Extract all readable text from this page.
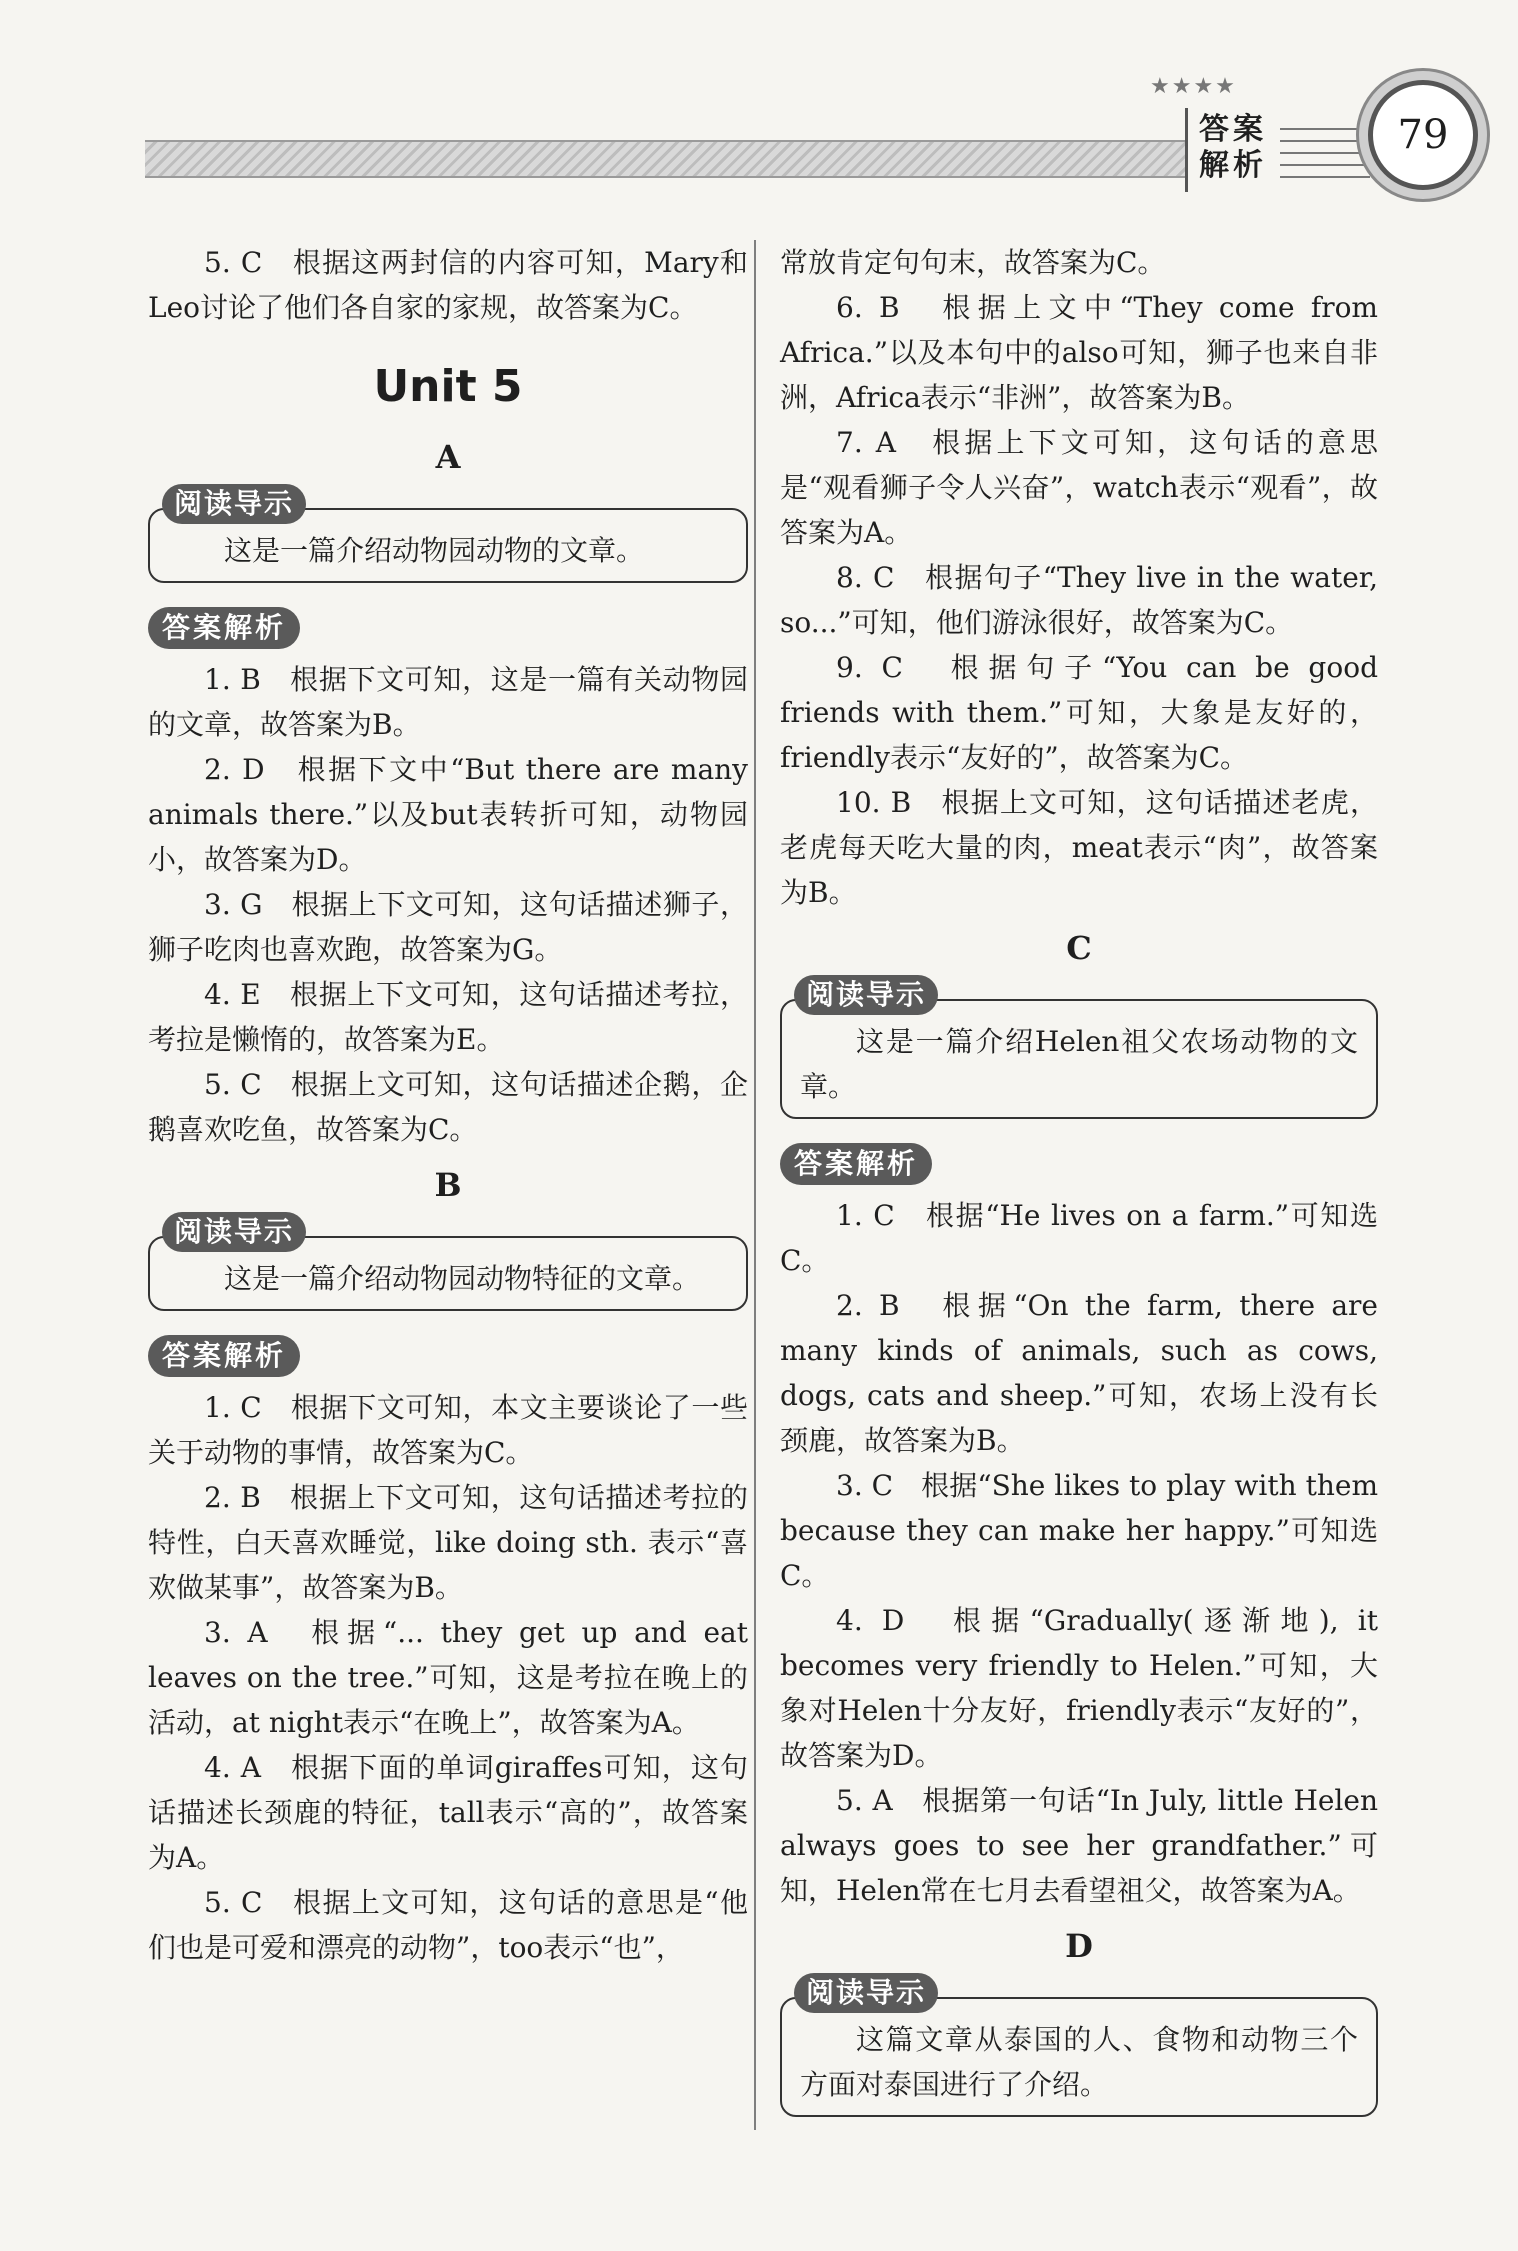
★★★★
答案
解析
79

5. C　根据这两封信的内容可知，Mary和Leo讨论了他们各自家的家规，故答案为C。

Unit 5
A
阅读导示

这是一篇介绍动物园动物的文章。

答案解析

1. B　根据下文可知，这是一篇有关动物园的文章，故答案为B。

2. D　根据下文中“But there are many animals there.”以及but表转折可知，动物园小，故答案为D。

3. G　根据上下文可知，这句话描述狮子，狮子吃肉也喜欢跑，故答案为G。

4. E　根据上下文可知，这句话描述考拉，考拉是懒惰的，故答案为E。

5. C　根据上文可知，这句话描述企鹅，企鹅喜欢吃鱼，故答案为C。

B
阅读导示

这是一篇介绍动物园动物特征的文章。

答案解析

1. C　根据下文可知，本文主要谈论了一些关于动物的事情，故答案为C。

2. B　根据上下文可知，这句话描述考拉的特性，白天喜欢睡觉，like doing sth. 表示“喜欢做某事”，故答案为B。

3. A　根据“... they get up and eat leaves on the tree.”可知，这是考拉在晚上的活动，at night表示“在晚上”，故答案为A。

4. A　根据下面的单词giraffes可知，这句话描述长颈鹿的特征，tall表示“高的”，故答案为A。

5. C　根据上文可知，这句话的意思是“他们也是可爱和漂亮的动物”，too表示“也”，

常放肯定句句末，故答案为C。

6. B　根据上文中“They come from Africa.”以及本句中的also可知，狮子也来自非洲，Africa表示“非洲”，故答案为B。

7. A　根据上下文可知，这句话的意思是“观看狮子令人兴奋”，watch表示“观看”，故答案为A。

8. C　根据句子“They live in the water, so...”可知，他们游泳很好，故答案为C。

9. C　根据句子“You can be good friends with them.”可知，大象是友好的，friendly表示“友好的”，故答案为C。

10. B　根据上文可知，这句话描述老虎，老虎每天吃大量的肉，meat表示“肉”，故答案为B。

C
阅读导示

这是一篇介绍Helen祖父农场动物的文章。

答案解析

1. C　根据“He lives on a farm.”可知选C。

2. B　根据“On the farm, there are many kinds of animals, such as cows, dogs, cats and sheep.”可知，农场上没有长颈鹿，故答案为B。

3. C　根据“She likes to play with them because they can make her happy.”可知选C。

4. D　根据“Gradually(逐渐地), it becomes very friendly to Helen.”可知，大象对Helen十分友好，friendly表示“友好的”，故答案为D。

5. A　根据第一句话“In July, little Helen always goes to see her grandfather.”可知，Helen常在七月去看望祖父，故答案为A。

D
阅读导示

这篇文章从泰国的人、食物和动物三个方面对泰国进行了介绍。
